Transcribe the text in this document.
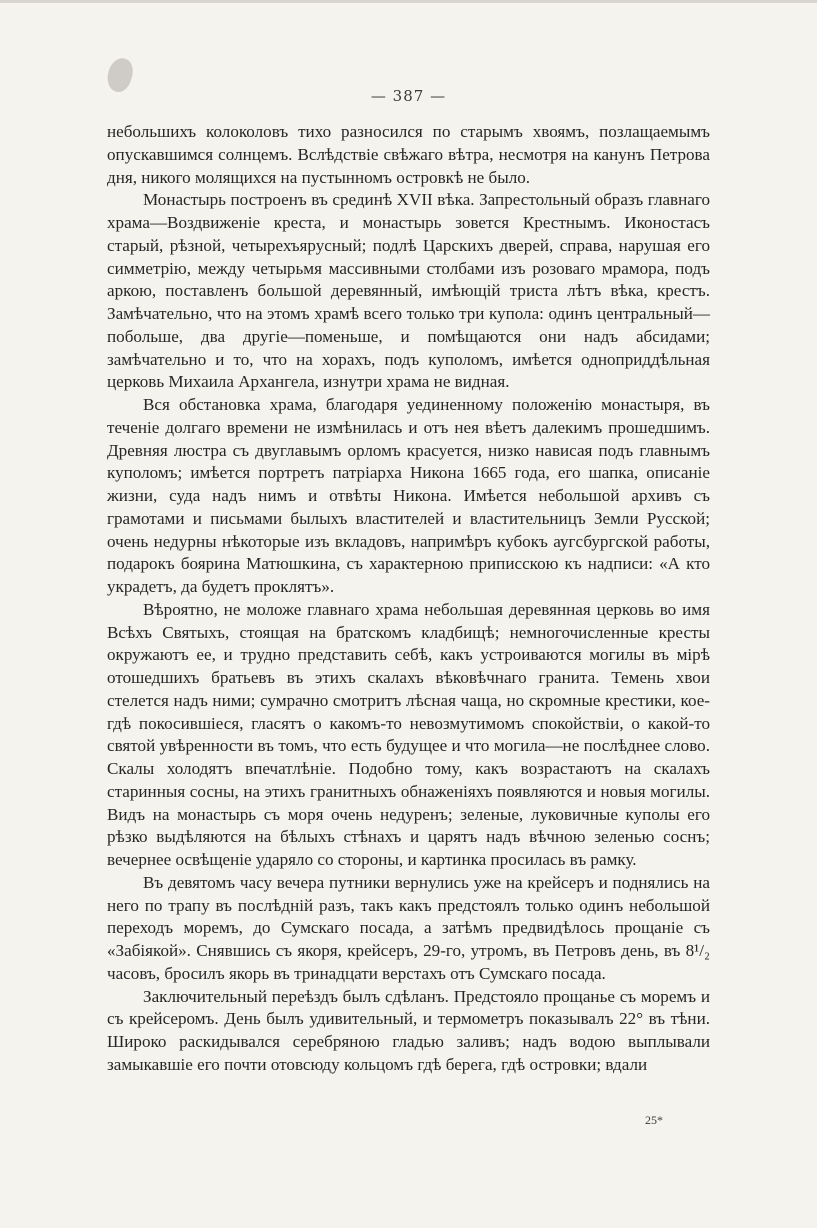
— 387 —

небольшихъ колоколовъ тихо разносился по старымъ хвоямъ, позлащаемымъ опускавшимся солнцемъ. Вслѣдствіе свѣжаго вѣтра, несмотря на канунъ Петрова дня, никого молящихся на пустынномъ островкѣ не было.

Монастырь построенъ въ срединѣ XVII вѣка. Запрестольный образъ главнаго храма—Воздвиженіе креста, и монастырь зовется Крестнымъ. Иконостасъ старый, рѣзной, четырехъярусный; подлѣ Царскихъ дверей, справа, нарушая его симметрію, между четырьмя массивными столбами изъ розоваго мрамора, подъ аркою, поставленъ большой деревянный, имѣющій триста лѣтъ вѣка, крестъ. Замѣчательно, что на этомъ храмѣ всего только три купола: одинъ центральный—побольше, два другіе—поменьше, и помѣщаются они надъ абсидами; замѣчательно и то, что на хорахъ, подъ куполомъ, имѣется одноприддѣльная церковь Михаила Архангела, изнутри храма не видная.

Вся обстановка храма, благодаря уединенному положенію монастыря, въ теченіе долгаго времени не измѣнилась и отъ нея вѣетъ далекимъ прошедшимъ. Древняя люстра съ двуглавымъ орломъ красуется, низко нависая подъ главнымъ куполомъ; имѣется портретъ патріарха Никона 1665 года, его шапка, описаніе жизни, суда надъ нимъ и отвѣты Никона. Имѣется небольшой архивъ съ грамотами и письмами былыхъ властителей и властительницъ Земли Русской; очень недурны нѣкоторые изъ вкладовъ, напримѣръ кубокъ аугсбургской работы, подарокъ боярина Матюшкина, съ характерною приписскою къ надписи: «А кто украдетъ, да будетъ проклятъ».

Вѣроятно, не моложе главнаго храма небольшая деревянная церковь во имя Всѣхъ Святыхъ, стоящая на братскомъ кладбищѣ; немногочисленные кресты окружаютъ ее, и трудно представить себѣ, какъ устроиваются могилы въ мірѣ отошедшихъ братьевъ въ этихъ скалахъ вѣковѣчнаго гранита. Темень хвои стелется надъ ними; сумрачно смотритъ лѣсная чаща, но скромные крестики, кое-гдѣ покосившіеся, гласятъ о какомъ-то невозмутимомъ спокойствіи, о какой-то святой увѣренности въ томъ, что есть будущее и что могила—не послѣднее слово. Скалы холодятъ впечатлѣніе. Подобно тому, какъ возрастаютъ на скалахъ старинныя сосны, на этихъ гранитныхъ обнаженіяхъ появляются и новыя могилы. Видъ на монастырь съ моря очень недуренъ; зеленые, луковичные куполы его рѣзко выдѣляются на бѣлыхъ стѣнахъ и царятъ надъ вѣчною зеленью соснъ; вечернее освѣщеніе ударяло со стороны, и картинка просилась въ рамку.

Въ девятомъ часу вечера путники вернулись уже на крейсеръ и поднялись на него по трапу въ послѣдній разъ, такъ какъ предстоялъ только одинъ небольшой переходъ моремъ, до Сумскаго посада, а затѣмъ предвидѣлось прощаніе съ «Забіякой». Снявшись съ якоря, крейсеръ, 29-го, утромъ, въ Петровъ день, въ 8¹/₂ часовъ, бросилъ якорь въ тринадцати верстахъ отъ Сумскаго посада.

Заключительный переѣздъ былъ сдѣланъ. Предстояло прощанье съ моремъ и съ крейсеромъ. День былъ удивительный, и термометръ показывалъ 22° въ тѣни. Широко раскидывался серебряною гладью заливъ; надъ водою выплывали замыкавшіе его почти отовсюду кольцомъ гдѣ берега, гдѣ островки; вдали

25*
